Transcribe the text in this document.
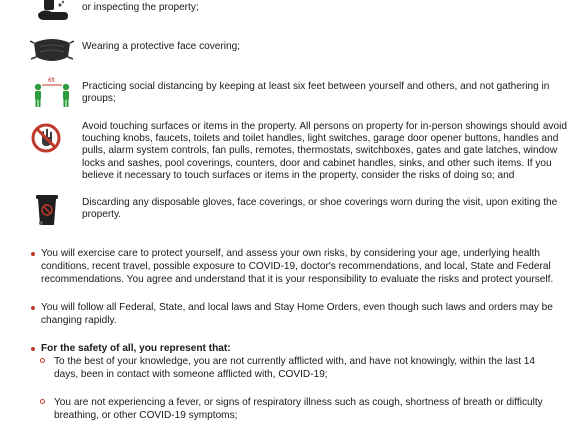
or inspecting the property;

Wearing a protective face covering;

6ft	Practicing social distancing by keeping at least six feet between yourself and others, and not gathering in groups;

Avoid touching surfaces or items in the property. All persons on property for in-person showings should avoid touching knobs, faucets, toilets and toilet handles, light switches, garage door opener buttons, handles and pulls, alarm system controls, fan pulls, remotes, thermostats, switchboxes, gates and gate latches, window locks and sashes, pool coverings, counters, door and cabinet handles, sinks, and other such items. If you believe it necessary to touch surfaces or items in the property, consider the risks of doing so; and

Discarding any disposable gloves, face coverings, or shoe coverings worn during the visit, upon exiting the property.

You will exercise care to protect yourself, and assess your own risks, by considering your age, underlying health conditions, recent travel, possible exposure to COVID-19, doctor's recommendations, and local, State and Federal recommendations. You agree and understand that it is your responsibility to evaluate the risks and protect yourself.

You will follow all Federal, State, and local laws and Stay Home Orders, even though such laws and orders may be changing rapidly.

For the safety of all, you represent that:

To the best of your knowledge, you are not currently afflicted with, and have not knowingly, within the last 14 days, been in contact with someone afflicted with, COVID-19;

You are not experiencing a fever, or signs of respiratory illness such as cough, shortness of breath or difficulty breathing, or other COVID-19 symptoms;
